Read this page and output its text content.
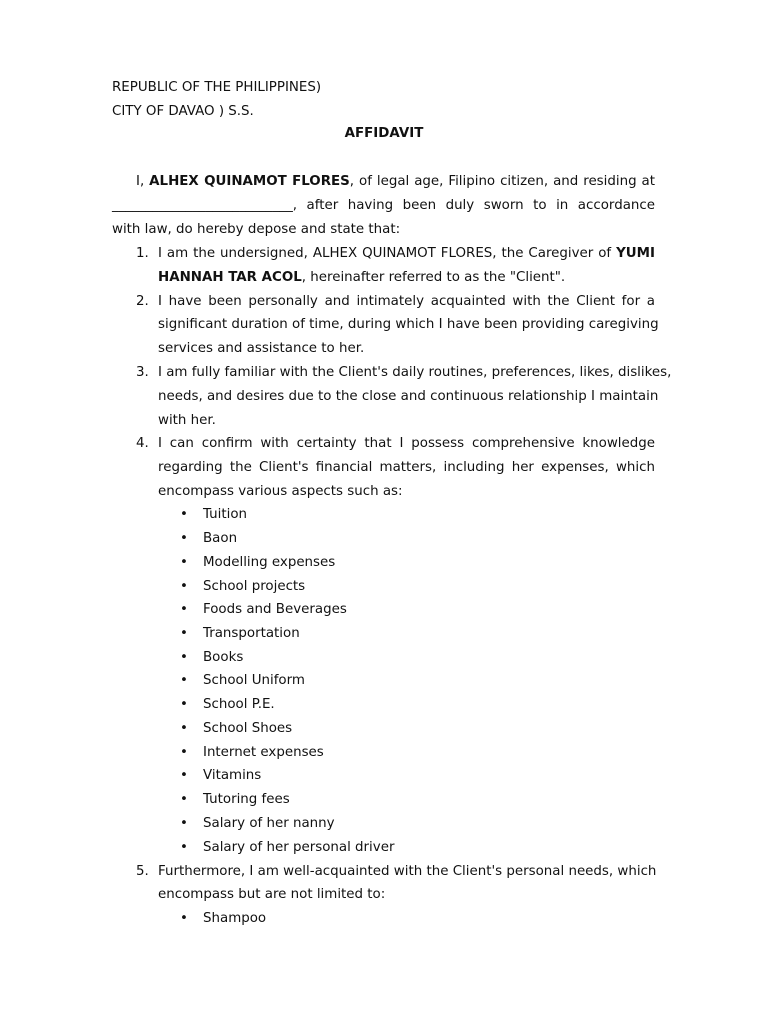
REPUBLIC OF THE PHILIPPINES)
CITY OF DAVAO ) S.S.
AFFIDAVIT
I, ALHEX QUINAMOT FLORES, of legal age, Filipino citizen, and residing at
___________________________, after having been duly sworn to in accordance
with law, do hereby depose and state that:
1. I am the undersigned, ALHEX QUINAMOT FLORES, the Caregiver of YUMI
HANNAH TAR ACOL, hereinafter referred to as the "Client".
2. I have been personally and intimately acquainted with the Client for a
significant duration of time, during which I have been providing caregiving
services and assistance to her.
3. I am fully familiar with the Client's daily routines, preferences, likes, dislikes,
needs, and desires due to the close and continuous relationship I maintain
with her.
4. I can confirm with certainty that I possess comprehensive knowledge
regarding the Client's financial matters, including her expenses, which
encompass various aspects such as:
• Tuition
• Baon
• Modelling expenses
• School projects
• Foods and Beverages
• Transportation
• Books
• School Uniform
• School P.E.
• School Shoes
• Internet expenses
• Vitamins
• Tutoring fees
• Salary of her nanny
• Salary of her personal driver
5. Furthermore, I am well-acquainted with the Client's personal needs, which
encompass but are not limited to:
• Shampoo
